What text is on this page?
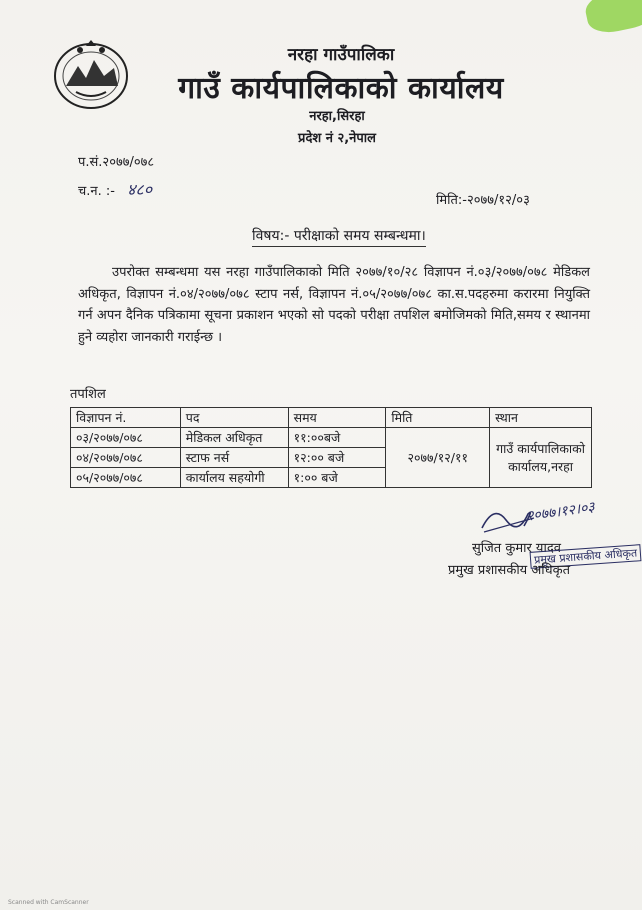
नरहा गाउँपालिका
गाउँ कार्यपालिकाको कार्यालय
नरहा,सिरहा
प्रदेश नं २,नेपाल
प.सं.२०७७/०७८
च.न. :- ४८०
मिति:-२०७७/१२/०३
विषय:- परीक्षाको समय सम्बन्धमा।
उपरोक्त सम्बन्धमा यस नरहा गाउँपालिकाको मिति २०७७/१०/२८ विज्ञापन नं.०३/२०७७/०७८ मेडिकल अधिकृत, विज्ञापन नं.०४/२०७७/०७८ स्टाप नर्स, विज्ञापन नं.०५/२०७७/०७८ का.स.पदहरुमा करारमा नियुक्ति गर्न अपन दैनिक पत्रिकामा सूचना प्रकाशन भएको सो पदको परीक्षा तपशिल बमोजिमको मिति,समय र स्थानमा हुने व्यहोरा जानकारी गराईन्छ ।
तपशिल
विज्ञापन नं.	पद	समय	मिति	स्थान
०३/२०७७/०७८	मेडिकल अधिकृत	११:००बजे	२०७७/१२/११	गाउँ कार्यपालिकाको कार्यालय,नरहा
०४/२०७७/०७८	स्टाफ नर्स	१२:०० बजे		
०५/२०७७/०७८	कार्यालय सहयोगी	१:०० बजे		
२०७७।१२।०३
सुजित कुमार यादव
प्रमुख प्रशासकीय अधिकृत
प्रमुख प्रशासकीय अधिकृत
Scanned with CamScanner
